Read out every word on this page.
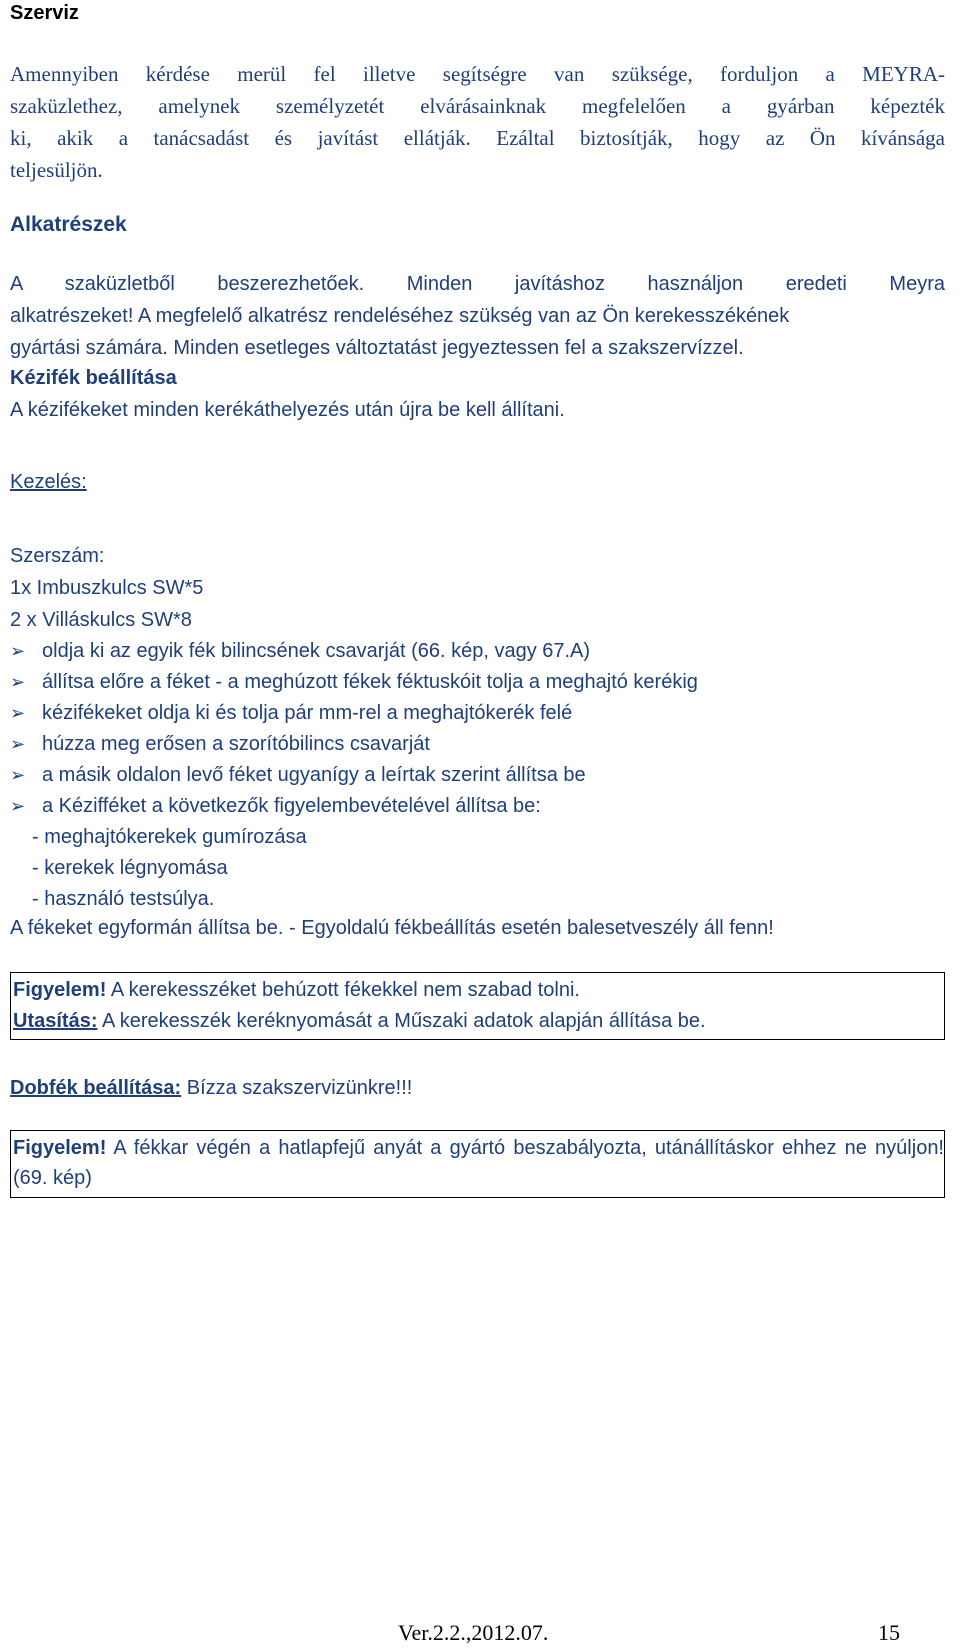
Szerviz
Amennyiben kérdése merül fel illetve segítségre van szüksége, forduljon a MEYRA-
szaküzlethez, amelynek személyzetét elvárásainknak megfelelően a gyárban képezték
ki, akik a tanácsadást és javítást ellátják. Ezáltal biztosítják, hogy az Ön kívánsága
teljesüljön.
Alkatrészek
A szaküzletből beszerezhetőek. Minden javításhoz használjon eredeti Meyra
alkatrészeket! A megfelelő alkatrész rendeléséhez szükség van az Ön kerekesszékének
gyártási számára. Minden esetleges változtatást jegyeztessen fel a szakszervízzel.
Kézifék beállítása
A kézifékeket minden kerékáthelyezés után újra be kell állítani.
Kezelés:
Szerszám:
1x Imbuszkulcs SW*5
2 x Villáskulcs SW*8
➢ oldja ki az egyik fék bilincsének csavarját (66. kép, vagy 67.A)
➢ állítsa előre a féket - a meghúzott fékek féktuskóit tolja a meghajtó kerékig
➢ kézifékeket oldja ki és tolja pár mm-rel a meghajtókerék felé
➢ húzza meg erősen a szorítóbilincs csavarját
➢ a másik oldalon levő féket ugyanígy a leírtak szerint állítsa be
➢ a Kézifféket a következők figyelembevételével állítsa be:
- meghajtókerekek gumírozása
- kerekek légnyomása
- használó testsúlya.
A fékeket egyformán állítsa be. - Egyoldalú fékbeállítás esetén balesetveszély áll fenn!
Figyelem! A kerekesszéket behúzott fékekkel nem szabad tolni.
Utasítás: A kerekesszék keréknyomását a Műszaki adatok alapján állítása be.
Dobfék beállítása: Bízza szakszervizünkre!!!
Figyelem! A fékkar végén a hatlapfejű anyát a gyártó beszabályozta, utánállításkor ehhez ne nyúljon! (69. kép)
Ver.2.2.,2012.07.	15
